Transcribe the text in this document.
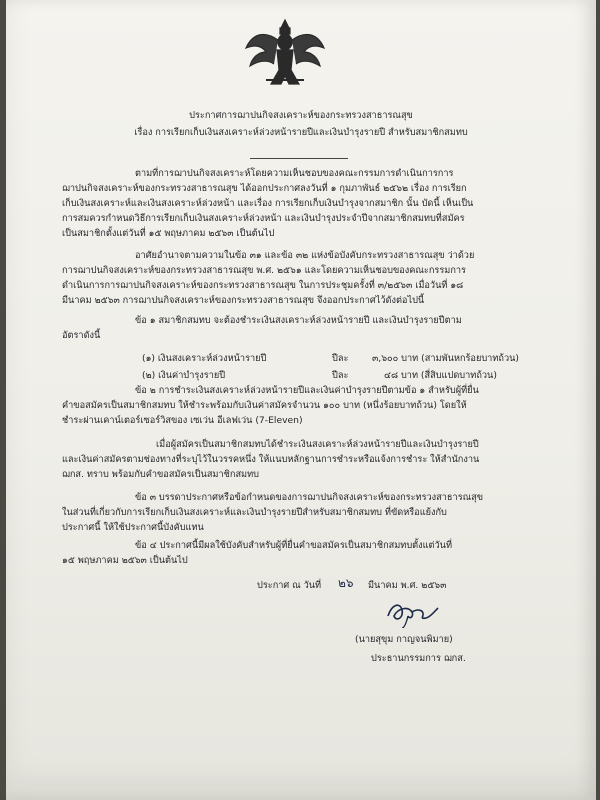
ประกาศการฌาปนกิจสงเคราะห์ของกระทรวงสาธารณสุข
เรื่อง การเรียกเก็บเงินสงเคราะห์ล่วงหน้ารายปีและเงินบำรุงรายปี สำหรับสมาชิกสมทบ
ตามที่การฌาปนกิจสงเคราะห์โดยความเห็นชอบของคณะกรรมการดำเนินการการ
ฌาปนกิจสงเคราะห์ของกระทรวงสาธารณสุข ได้ออกประกาศลงวันที่ ๑ กุมภาพันธ์ ๒๕๖๒ เรื่อง การเรียก
เก็บเงินสงเคราะห์และเงินสงเคราะห์ล่วงหน้า และเรื่อง การเรียกเก็บเงินบำรุงจากสมาชิก นั้น บัดนี้ เห็นเป็น
การสมควรกำหนดวิธีการเรียกเก็บเงินสงเคราะห์ล่วงหน้า และเงินบำรุงประจำปีจากสมาชิกสมทบที่สมัคร
เป็นสมาชิกตั้งแต่วันที่ ๑๕ พฤษภาคม ๒๕๖๓ เป็นต้นไป
อาศัยอำนาจตามความในข้อ ๓๑ และข้อ ๓๒ แห่งข้อบังคับกระทรวงสาธารณสุข ว่าด้วย
การฌาปนกิจสงเคราะห์ของกระทรวงสาธารณสุข พ.ศ. ๒๕๖๑ และโดยความเห็นชอบของคณะกรรมการ
ดำเนินการการฌาปนกิจสงเคราะห์ของกระทรวงสาธารณสุข ในการประชุมครั้งที่ ๓/๒๕๖๓ เมื่อวันที่ ๑๘
มีนาคม ๒๕๖๓ การฌาปนกิจสงเคราะห์ของกระทรวงสาธารณสุข จึงออกประกาศไว้ดังต่อไปนี้
ข้อ ๑ สมาชิกสมทบ จะต้องชำระเงินสงเคราะห์ล่วงหน้ารายปี และเงินบำรุงรายปีตาม
อัตราดังนี้
(๑) เงินสงเคราะห์ล่วงหน้ารายปี	ปีละ	๓,๖๐๐ บาท (สามพันหกร้อยบาทถ้วน)
(๒) เงินค่าบำรุงรายปี	ปีละ	๔๘ บาท (สี่สิบแปดบาทถ้วน)
ข้อ ๒ การชำระเงินสงเคราะห์ล่วงหน้ารายปีและเงินค่าบำรุงรายปีตามข้อ ๑ สำหรับผู้ที่ยื่น
คำขอสมัครเป็นสมาชิกสมทบ ให้ชำระพร้อมกับเงินค่าสมัครจำนวน ๑๐๐ บาท (หนึ่งร้อยบาทถ้วน) โดยให้
ชำระผ่านเคาน์เตอร์เซอร์วิสของ เซเว่น อีเลฟเว่น (7-Eleven)
เมื่อผู้สมัครเป็นสมาชิกสมทบได้ชำระเงินสงเคราะห์ล่วงหน้ารายปีและเงินบำรุงรายปี
และเงินค่าสมัครตามช่องทางที่ระบุไว้ในวรรคหนึ่ง ให้แนบหลักฐานการชำระหรือแจ้งการชำระ ให้สำนักงาน
ฌกส. ทราบ พร้อมกับคำขอสมัครเป็นสมาชิกสมทบ
ข้อ ๓ บรรดาประกาศหรือข้อกำหนดของการฌาปนกิจสงเคราะห์ของกระทรวงสาธารณสุข
ในส่วนที่เกี่ยวกับการเรียกเก็บเงินสงเคราะห์และเงินบำรุงรายปีสำหรับสมาชิกสมทบ ที่ขัดหรือแย้งกับ
ประกาศนี้ ให้ใช้ประกาศนี้บังคับแทน
ข้อ ๔ ประกาศนี้มีผลใช้บังคับสำหรับผู้ที่ยื่นคำขอสมัครเป็นสมาชิกสมทบตั้งแต่วันที่
๑๕ พฤษภาคม ๒๕๖๓ เป็นต้นไป
ประกาศ ณ วันที่ ๒๖ มีนาคม พ.ศ. ๒๕๖๓
(นายสุขุม กาญจนพิมาย)
ประธานกรรมการ ฌกส.
